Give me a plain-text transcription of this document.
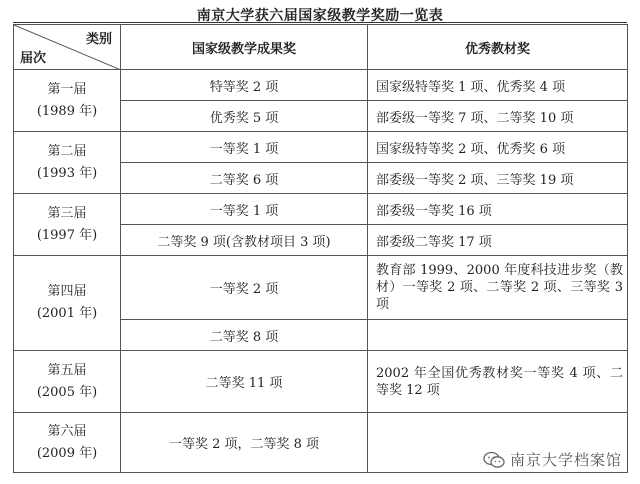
南京大学获六届国家级教学奖励一览表
类别
届次	国家级教学成果奖	优秀教材奖

第一届
(1989 年)	特等奖 2 项	国家级特等奖 1 项、优秀奖 4 项
	优秀奖 5 项	部委级一等奖 7 项、二等奖 10 项

第二届
(1993 年)	一等奖 1 项	国家级特等奖 2 项、优秀奖 6 项
	二等奖 6 项	部委级一等奖 2 项、三等奖 19 项

第三届
(1997 年)	一等奖 1 项	部委级一等奖 16 项
	二等奖 9 项(含教材项目 3 项)	部委级二等奖 17 项

第四届
(2001 年)	一等奖 2 项	教育部 1999、2000 年度科技进步奖（教材）一等奖 2 项、二等奖 2 项、三等奖 3 项
	二等奖 8 项	

第五届
(2005 年)	二等奖 11 项	2002 年全国优秀教材奖一等奖 4 项、二等奖 12 项

第六届
(2009 年)	一等奖 2 项，二等奖 8 项	
南京大学档案馆
